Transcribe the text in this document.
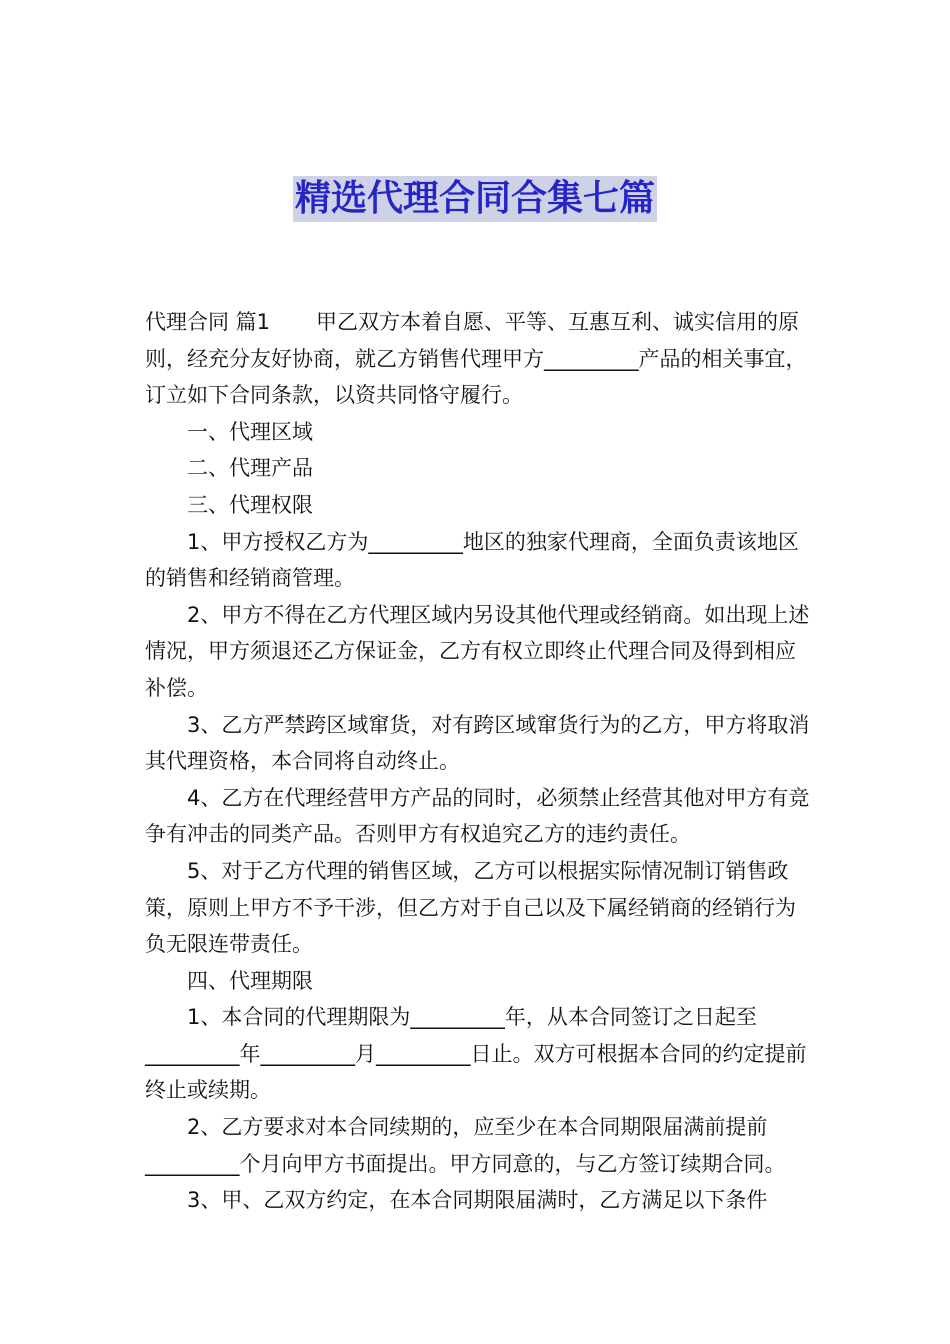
精选代理合同合集七篇

代理合同 篇1 甲乙双方本着自愿、平等、互惠互利、诚实信用的原则，经充分友好协商，就乙方销售代理甲方_________产品的相关事宜，订立如下合同条款，以资共同恪守履行。

一、代理区域

二、代理产品

三、代理权限

1、甲方授权乙方为_________地区的独家代理商，全面负责该地区的销售和经销商管理。

2、甲方不得在乙方代理区域内另设其他代理或经销商。如出现上述情况，甲方须退还乙方保证金，乙方有权立即终止代理合同及得到相应补偿。

3、乙方严禁跨区域窜货，对有跨区域窜货行为的乙方，甲方将取消其代理资格，本合同将自动终止。

4、乙方在代理经营甲方产品的同时，必须禁止经营其他对甲方有竞争有冲击的同类产品。否则甲方有权追究乙方的违约责任。

5、对于乙方代理的销售区域，乙方可以根据实际情况制订销售政策，原则上甲方不予干涉，但乙方对于自己以及下属经销商的经销行为负无限连带责任。

四、代理期限

1、本合同的代理期限为_________年，从本合同签订之日起至_________年_________月_________日止。双方可根据本合同的约定提前终止或续期。

2、乙方要求对本合同续期的，应至少在本合同期限届满前提前_________个月向甲方书面提出。甲方同意的，与乙方签订续期合同。

3、甲、乙双方约定，在本合同期限届满时，乙方满足以下条件
